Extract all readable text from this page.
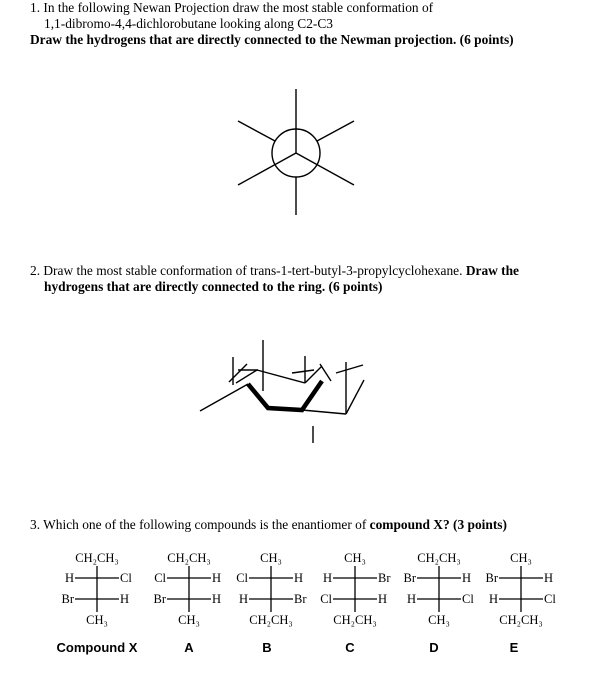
1. In the following Newan Projection draw the most stable conformation of
1,1-dibromo-4,4-dichlorobutane looking along C2-C3
Draw the hydrogens that are directly connected to the Newman projection. (6 points)
2. Draw the most stable conformation of trans-1-tert-butyl-3-propylcyclohexane. Draw the
hydrogens that are directly connected to the ring. (6 points)
3. Which one of the following compounds is the enantiomer of compound X? (3 points)
CH₂CH₃
H	Cl
Br	H
CH₃
Compound X
CH₂CH₃
Cl	H
Br	H
CH₃
A
CH₃
Cl	H
H	Br
CH₂CH₃
B
CH₃
H	Br
Cl	H
CH₂CH₃
C
CH₂CH₃
Br	H
H	Cl
CH₃
D
CH₃
Br	H
H	Cl
CH₂CH₃
E
